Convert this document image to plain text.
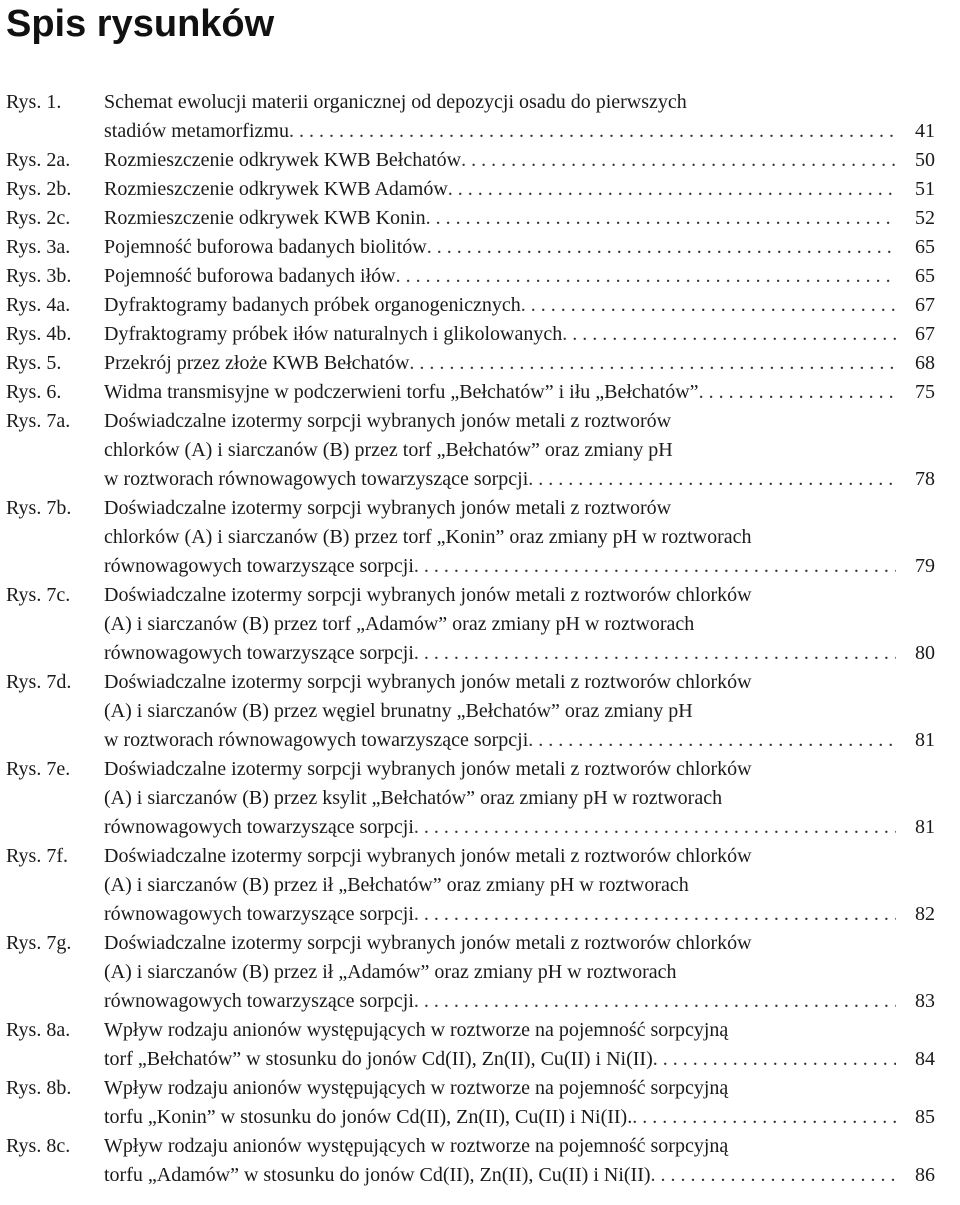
Spis rysunków
Rys. 1.	Schemat ewolucji materii organicznej od depozycji osadu do pierwszych
stadiów metamorfizmu . . .	41
Rys. 2a.	Rozmieszczenie odkrywek KWB Bełchatów . . .	50
Rys. 2b.	Rozmieszczenie odkrywek KWB Adamów . . .	51
Rys. 2c.	Rozmieszczenie odkrywek KWB Konin . . .	52
Rys. 3a.	Pojemność buforowa badanych biolitów . . .	65
Rys. 3b.	Pojemność buforowa badanych iłów . . .	65
Rys. 4a.	Dyfraktogramy badanych próbek organogenicznych . . .	67
Rys. 4b.	Dyfraktogramy próbek iłów naturalnych i glikolowanych . . .	67
Rys. 5.	Przekrój przez złoże KWB Bełchatów . . .	68
Rys. 6.	Widma transmisyjne w podczerwieni torfu „Bełchatów” i iłu „Bełchatów” . . .	75
Rys. 7a.	Doświadczalne izotermy sorpcji wybranych jonów metali z roztworów
chlorków (A) i siarczanów (B) przez torf „Bełchatów” oraz zmiany pH
w roztworach równowagowych towarzyszące sorpcji . . .	78
Rys. 7b.	Doświadczalne izotermy sorpcji wybranych jonów metali z roztworów
chlorków (A) i siarczanów (B) przez torf „Konin” oraz zmiany pH w roztworach
równowagowych towarzyszące sorpcji . . .	79
Rys. 7c.	Doświadczalne izotermy sorpcji wybranych jonów metali z roztworów chlorków
(A) i siarczanów (B) przez torf „Adamów” oraz zmiany pH w roztworach
równowagowych towarzyszące sorpcji . . .	80
Rys. 7d.	Doświadczalne izotermy sorpcji wybranych jonów metali z roztworów chlorków
(A) i siarczanów (B) przez węgiel brunatny „Bełchatów” oraz zmiany pH
w roztworach równowagowych towarzyszące sorpcji . . .	81
Rys. 7e.	Doświadczalne izotermy sorpcji wybranych jonów metali z roztworów chlorków
(A) i siarczanów (B) przez ksylit „Bełchatów” oraz zmiany pH w roztworach
równowagowych towarzyszące sorpcji . . .	81
Rys. 7f.	Doświadczalne izotermy sorpcji wybranych jonów metali z roztworów chlorków
(A) i siarczanów (B) przez ił „Bełchatów” oraz zmiany pH w roztworach
równowagowych towarzyszące sorpcji . . .	82
Rys. 7g.	Doświadczalne izotermy sorpcji wybranych jonów metali z roztworów chlorków
(A) i siarczanów (B) przez ił „Adamów” oraz zmiany pH w roztworach
równowagowych towarzyszące sorpcji . . .	83
Rys. 8a.	Wpływ rodzaju anionów występujących w roztworze na pojemność sorpcyjną
torf „Bełchatów” w stosunku do jonów Cd(II), Zn(II), Cu(II) i Ni(II) . . .	84
Rys. 8b.	Wpływ rodzaju anionów występujących w roztworze na pojemność sorpcyjną
torfu „Konin” w stosunku do jonów Cd(II), Zn(II), Cu(II) i Ni(II). . . .	85
Rys. 8c.	Wpływ rodzaju anionów występujących w roztworze na pojemność sorpcyjną
torfu „Adamów” w stosunku do jonów Cd(II), Zn(II), Cu(II) i Ni(II) . . .	86
